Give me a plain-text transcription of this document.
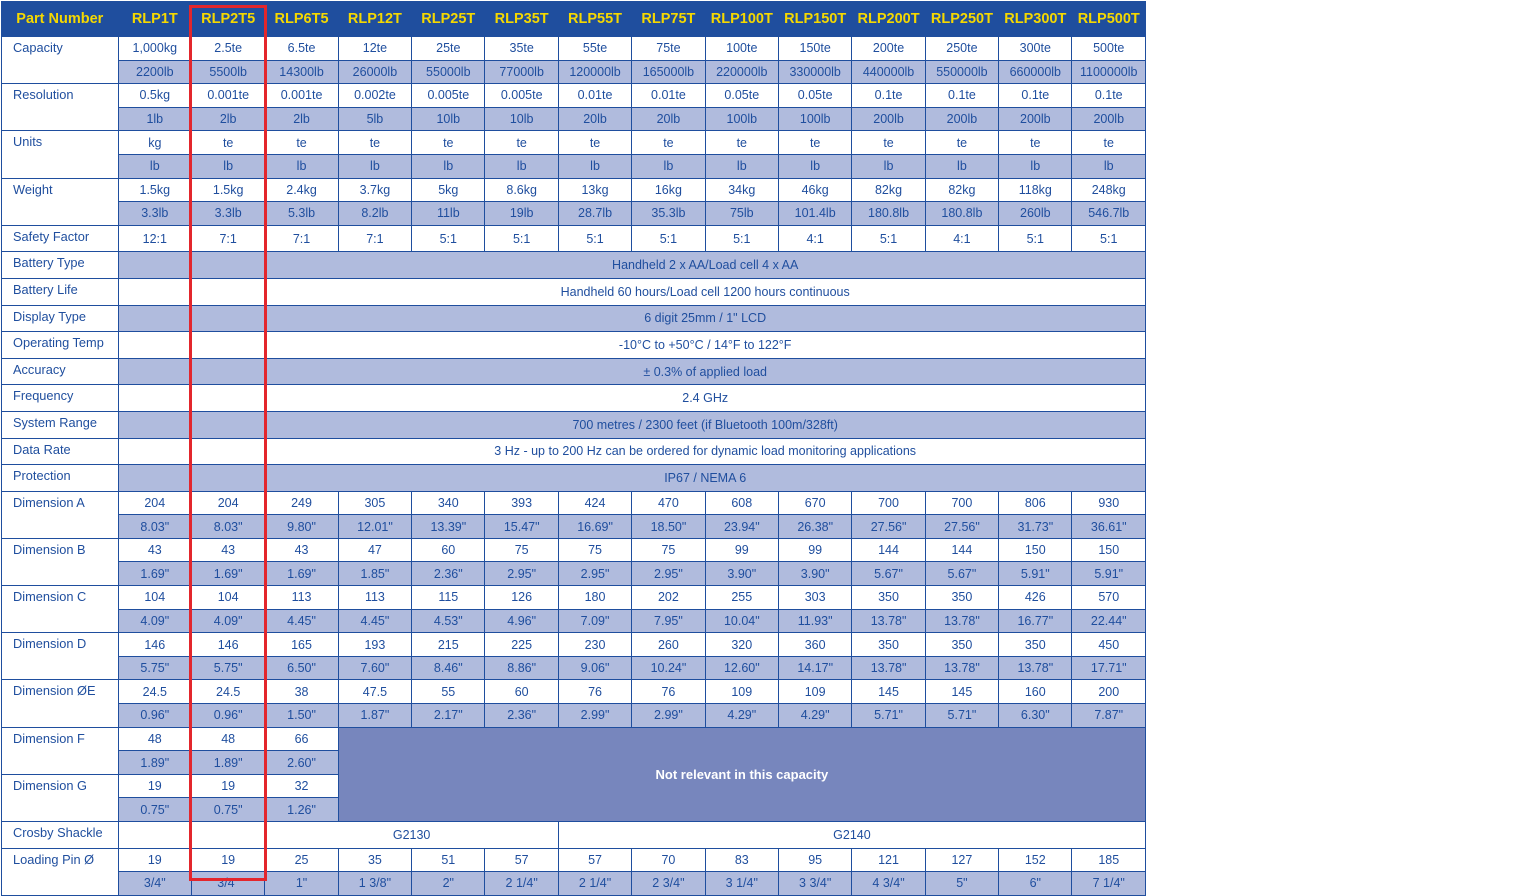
Part Number	RLP1T	RLP2T5	RLP6T5	RLP12T	RLP25T	RLP35T	RLP55T	RLP75T	RLP100T	RLP150T	RLP200T	RLP250T	RLP300T	RLP500T
Capacity	1,000kg	2.5te	6.5te	12te	25te	35te	55te	75te	100te	150te	200te	250te	300te	500te
	2200lb	5500lb	14300lb	26000lb	55000lb	77000lb	120000lb	165000lb	220000lb	330000lb	440000lb	550000lb	660000lb	1100000lb
Resolution	0.5kg	0.001te	0.001te	0.002te	0.005te	0.005te	0.01te	0.01te	0.05te	0.05te	0.1te	0.1te	0.1te	0.1te
	1lb	2lb	2lb	5lb	10lb	10lb	20lb	20lb	100lb	100lb	200lb	200lb	200lb	200lb
Units	kg	te	te	te	te	te	te	te	te	te	te	te	te	te
	lb	lb	lb	lb	lb	lb	lb	lb	lb	lb	lb	lb	lb	lb
Weight	1.5kg	1.5kg	2.4kg	3.7kg	5kg	8.6kg	13kg	16kg	34kg	46kg	82kg	82kg	118kg	248kg
	3.3lb	3.3lb	5.3lb	8.2lb	11lb	19lb	28.7lb	35.3lb	75lb	101.4lb	180.8lb	180.8lb	260lb	546.7lb
Safety Factor	12:1	7:1	7:1	7:1	5:1	5:1	5:1	5:1	5:1	4:1	5:1	4:1	5:1	5:1
Battery Type			Handheld 2 x AA/Load cell 4 x AA											
Battery Life			Handheld 60 hours/Load cell 1200 hours continuous											
Display Type			6 digit 25mm / 1" LCD											
Operating Temp			-10°C to +50°C / 14°F to 122°F											
Accuracy			± 0.3% of applied load											
Frequency			2.4 GHz											
System Range			700 metres / 2300 feet (if Bluetooth 100m/328ft)											
Data Rate			3 Hz - up to 200 Hz can be ordered for dynamic load monitoring applications											
Protection			IP67 / NEMA 6											
Dimension A	204	204	249	305	340	393	424	470	608	670	700	700	806	930
	8.03"	8.03"	9.80"	12.01"	13.39"	15.47"	16.69"	18.50"	23.94"	26.38"	27.56"	27.56"	31.73"	36.61"
Dimension B	43	43	43	47	60	75	75	75	99	99	144	144	150	150
	1.69"	1.69"	1.69"	1.85"	2.36"	2.95"	2.95"	2.95"	3.90"	3.90"	5.67"	5.67"	5.91"	5.91"
Dimension C	104	104	113	113	115	126	180	202	255	303	350	350	426	570
	4.09"	4.09"	4.45"	4.45"	4.53"	4.96"	7.09"	7.95"	10.04"	11.93"	13.78"	13.78"	16.77"	22.44"
Dimension D	146	146	165	193	215	225	230	260	320	360	350	350	350	450
	5.75"	5.75"	6.50"	7.60"	8.46"	8.86"	9.06"	10.24"	12.60"	14.17"	13.78"	13.78"	13.78"	17.71"
Dimension ØE	24.5	24.5	38	47.5	55	60	76	76	109	109	145	145	160	200
	0.96"	0.96"	1.50"	1.87"	2.17"	2.36"	2.99"	2.99"	4.29"	4.29"	5.71"	5.71"	6.30"	7.87"
Dimension F	48	48	66	Not relevant in this capacity										
	1.89"	1.89"	2.60"											
Dimension G	19	19	32											
	0.75"	0.75"	1.26"											
Crosby Shackle			G2130				G2140							
Loading Pin Ø	19	19	25	35	51	57	57	70	83	95	121	127	152	185
	3/4"	3/4"	1"	1 3/8"	2"	2 1/4"	2 1/4"	2 3/4"	3 1/4"	3 3/4"	4 3/4"	5"	6"	7 1/4"
